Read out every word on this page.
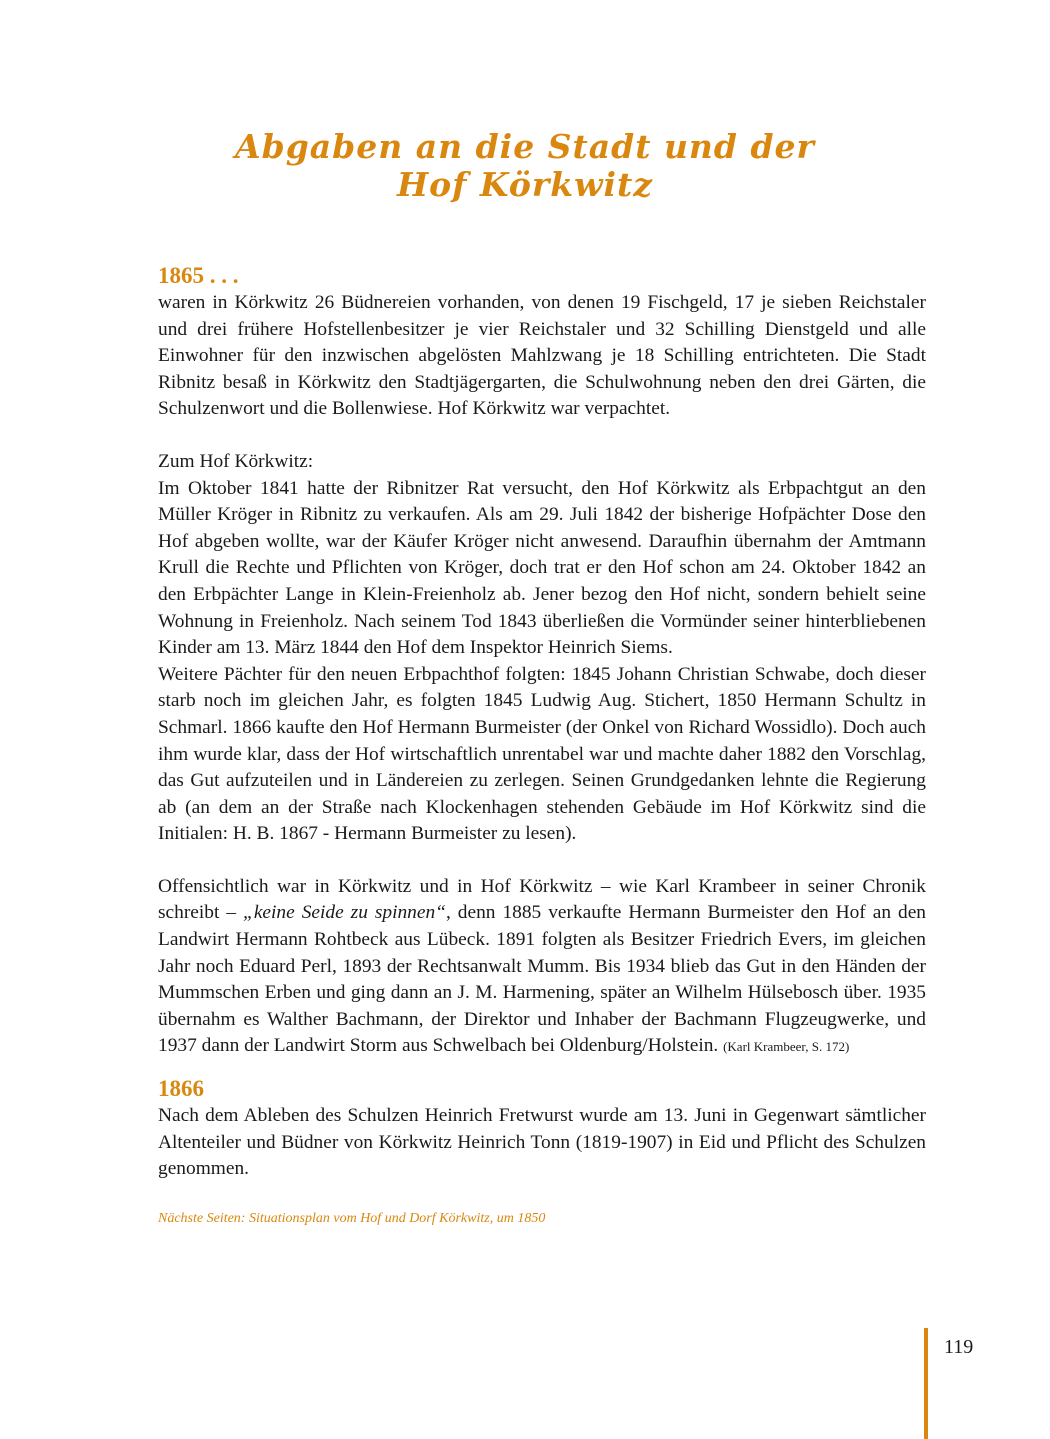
Abgaben an die Stadt und der
Hof Körkwitz
1865 . . .

waren in Körkwitz 26 Büdnereien vorhanden, von denen 19 Fischgeld, 17 je sieben Reichstaler und drei frühere Hofstellenbesitzer je vier Reichstaler und 32 Schilling Dienstgeld und alle Einwohner für den inzwischen abgelösten Mahlzwang je 18 Schilling entrichteten. Die Stadt Ribnitz besaß in Körkwitz den Stadtjägergarten, die Schulwohnung neben den drei Gärten, die Schulzenwort und die Bollenwiese. Hof Körkwitz war verpachtet.

Zum Hof Körkwitz:

Im Oktober 1841 hatte der Ribnitzer Rat versucht, den Hof Körkwitz als Erbpachtgut an den Müller Kröger in Ribnitz zu verkaufen. Als am 29. Juli 1842 der bisherige Hofpächter Dose den Hof abgeben wollte, war der Käufer Kröger nicht anwesend. Daraufhin übernahm der Amtmann Krull die Rechte und Pflichten von Kröger, doch trat er den Hof schon am 24. Oktober 1842 an den Erbpächter Lange in Klein-Freienholz ab. Jener bezog den Hof nicht, sondern behielt seine Wohnung in Freienholz. Nach seinem Tod 1843 überließen die Vormünder seiner hinterbliebenen Kinder am 13. März 1844 den Hof dem Inspektor Heinrich Siems.

Weitere Pächter für den neuen Erbpachthof folgten: 1845 Johann Christian Schwabe, doch dieser starb noch im gleichen Jahr, es folgten 1845 Ludwig Aug. Stichert, 1850 Hermann Schultz in Schmarl. 1866 kaufte den Hof Hermann Burmeister (der Onkel von Richard Wossidlo). Doch auch ihm wurde klar, dass der Hof wirtschaftlich unrentabel war und machte daher 1882 den Vorschlag, das Gut aufzuteilen und in Ländereien zu zerlegen. Seinen Grundgedanken lehnte die Regierung ab (an dem an der Straße nach Klockenhagen stehenden Gebäude im Hof Körkwitz sind die Initialen: H. B. 1867 - Hermann Burmeister zu lesen).

Offensichtlich war in Körkwitz und in Hof Körkwitz – wie Karl Krambeer in seiner Chronik schreibt – „keine Seide zu spinnen“, denn 1885 verkaufte Hermann Burmeister den Hof an den Landwirt Hermann Rohtbeck aus Lübeck. 1891 folgten als Besitzer Friedrich Evers, im gleichen Jahr noch Eduard Perl, 1893 der Rechtsanwalt Mumm. Bis 1934 blieb das Gut in den Händen der Mummschen Erben und ging dann an J. M. Harmening, später an Wilhelm Hülsebosch über. 1935 übernahm es Walther Bachmann, der Direktor und Inhaber der Bachmann Flugzeugwerke, und 1937 dann der Landwirt Storm aus Schwelbach bei Oldenburg/Holstein. (Karl Krambeer, S. 172)

1866

Nach dem Ableben des Schulzen Heinrich Fretwurst wurde am 13. Juni in Gegenwart sämtlicher Altenteiler und Büdner von Körkwitz Heinrich Tonn (1819-1907) in Eid und Pflicht des Schulzen genommen.

Nächste Seiten: Situationsplan vom Hof und Dorf Körkwitz, um 1850

119
